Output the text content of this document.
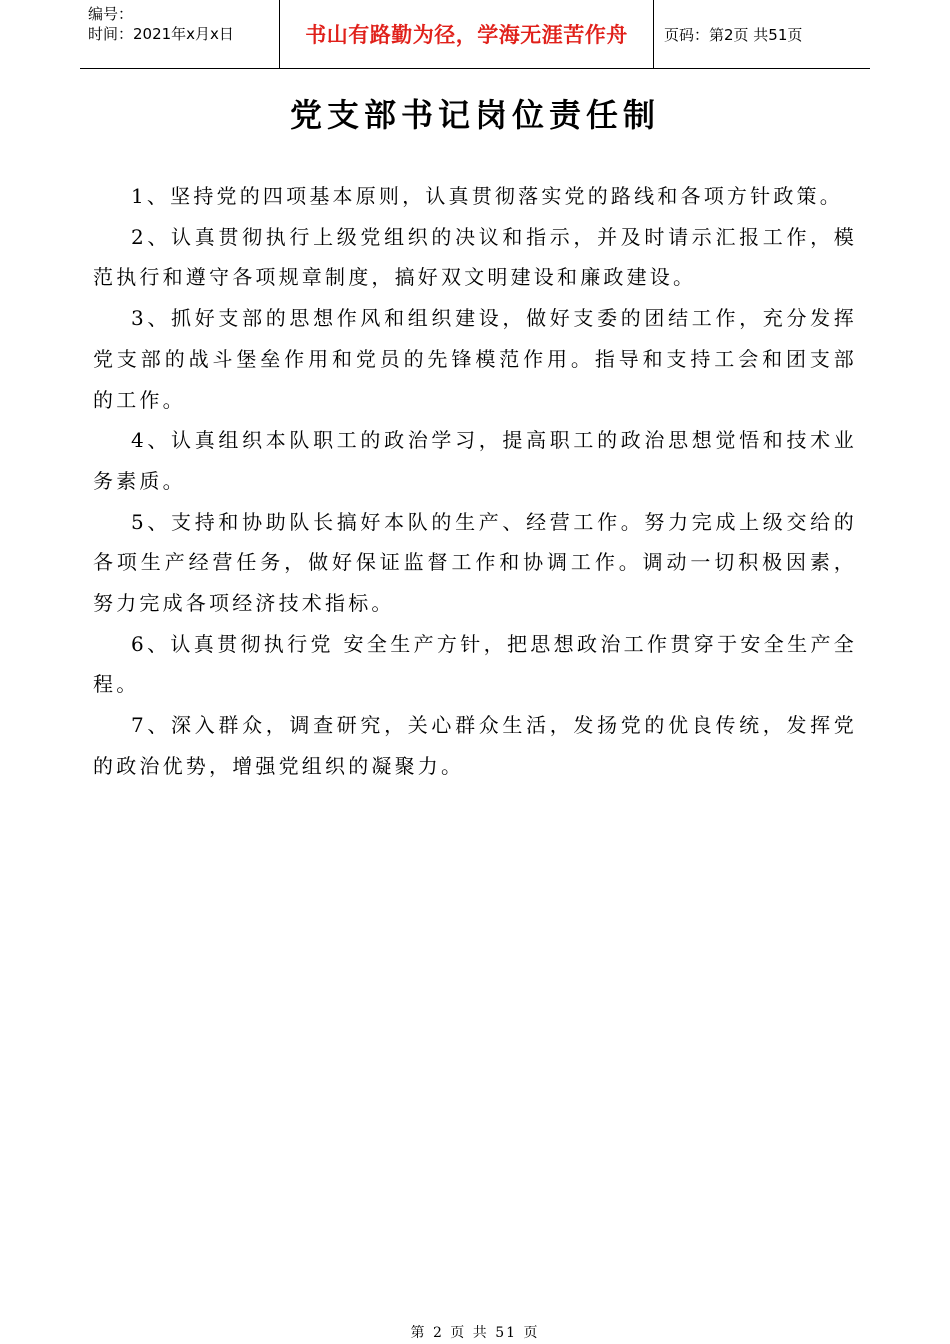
编号：
时间：2021年x月x日	书山有路勤为径，学海无涯苦作舟	页码：第2页 共51页
党支部书记岗位责任制

1、坚持党的四项基本原则，认真贯彻落实党的路线和各项方针政策。

2、认真贯彻执行上级党组织的决议和指示，并及时请示汇报工作，模范执行和遵守各项规章制度，搞好双文明建设和廉政建设。

3、抓好支部的思想作风和组织建设，做好支委的团结工作，充分发挥党支部的战斗堡垒作用和党员的先锋模范作用。指导和支持工会和团支部的工作。

4、认真组织本队职工的政治学习，提高职工的政治思想觉悟和技术业务素质。

5、支持和协助队长搞好本队的生产、经营工作。努力完成上级交给的各项生产经营任务，做好保证监督工作和协调工作。调动一切积极因素，努力完成各项经济技术指标。

6、认真贯彻执行党 安全生产方针，把思想政治工作贯穿于安全生产全程。

7、深入群众，调查研究，关心群众生活，发扬党的优良传统，发挥党的政治优势，增强党组织的凝聚力。

第 2 页 共 51 页
